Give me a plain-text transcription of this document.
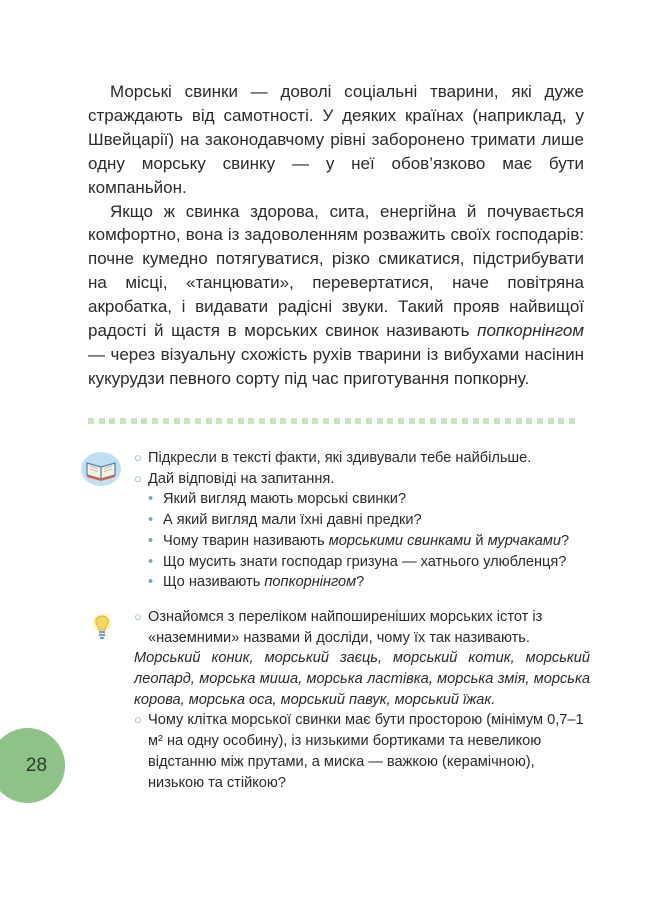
Морські свинки — доволі соціальні тварини, які дуже страждають від самотності. У деяких країнах (наприклад, у Швейцарії) на законодавчому рівні заборонено тримати лише одну морську свинку — у неї обов’язково має бути компаньйон.

Якщо ж свинка здорова, сита, енергійна й почувається комфортно, вона із задоволенням розважить своїх господарів: почне кумедно потягуватися, різко смикатися, підстрибувати на місці, «танцювати», перевертатися, наче повітряна акробатка, і видавати радісні звуки. Такий прояв найвищої радості й щастя в морських свинок називають попкорнінгом — через візуальну схожість рухів тварини із вибухами насінин кукурудзи певного сорту під час приготування попкорну.

○ Підкресли в тексті факти, які здивували тебе найбільше.
○ Дай відповіді на запитання.
• Який вигляд мають морські свинки?
• А який вигляд мали їхні давні предки?
• Чому тварин називають морськими свинками й мурчаками?
• Що мусить знати господар гризуна — хатнього улюбленця?
• Що називають попкорнінгом?
○ Ознайомся з переліком найпоширеніших морських істот із «наземними» назвами й досліди, чому їх так називають.
Морський коник, морський заєць, морський котик, морський леопард, морська миша, морська ластівка, морська змія, морська корова, морська оса, морський павук, морський їжак.
○ Чому клітка морської свинки має бути просторою (мінімум 0,7–1 м² на одну особину), із низькими бортиками та невеликою відстанню між прутами, а миска — важкою (керамічною), низькою та стійкою?
28
